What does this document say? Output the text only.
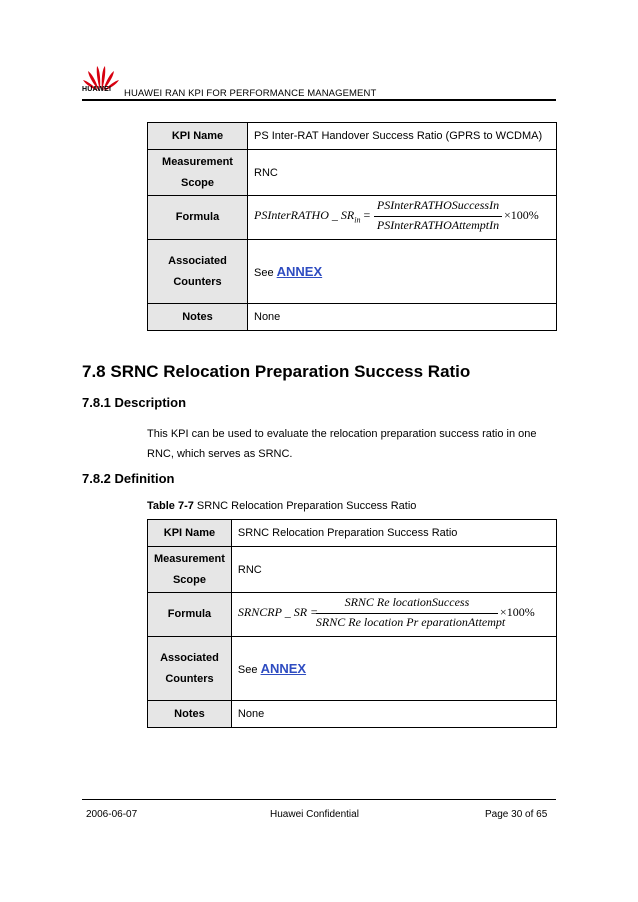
HUAWEI HUAWEI RAN KPI FOR PERFORMANCE MANAGEMENT
KPI Name	PS Inter-RAT Handover Success Ratio (GPRS to WCDMA)

Measurement
Scope	RNC
Formula	PSInterRATHO _ $SR_{in}$ =
PSInterRATHOSuccessIn
PSInterRATHOAttemptIn
×100%

Associated
Counters	See ANNEX
Notes	None
7.8 SRNC Relocation Preparation Success Ratio
7.8.1 Description
This KPI can be used to evaluate the relocation preparation success ratio in one RNC, which serves as SRNC.
7.8.2 Definition
Table 7-7 SRNC Relocation Preparation Success Ratio
KPI Name	SRNC Relocation Preparation Success Ratio

Measurement
Scope	RNC
Formula	SRNCRP _ SR =
SRNC Re locationSuccess
SRNC Re location Pr eparationAttempt
×100%

Associated
Counters	See ANNEX
Notes	None
2006-06-07	Huawei Confidential	Page 30 of 65
